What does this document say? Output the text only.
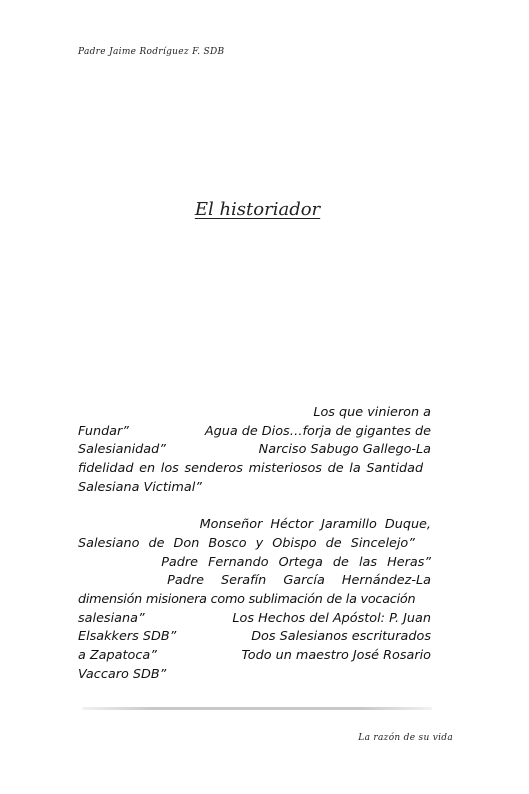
Padre Jaime Rodríguez F. SDB
El historiador
Los que vinieron a
Fundar”	Agua de Dios…forja de gigantes de
Salesianidad”	Narciso Sabugo Gallego-La
fidelidad en los senderos misteriosos de la Santidad
Salesiana Victimal”
Monseñor Héctor Jaramillo Duque,
Salesiano de Don Bosco y Obispo de Sincelejo”
Padre Fernando Ortega de las Heras”
Padre Serafín García Hernández-La
dimensión misionera como sublimación de la vocación
salesiana”	Los Hechos del Apóstol: P. Juan
Elsakkers SDB”	Dos Salesianos escriturados
a Zapatoca”	Todo un maestro José Rosario
Vaccaro SDB”
La razón de su vida
